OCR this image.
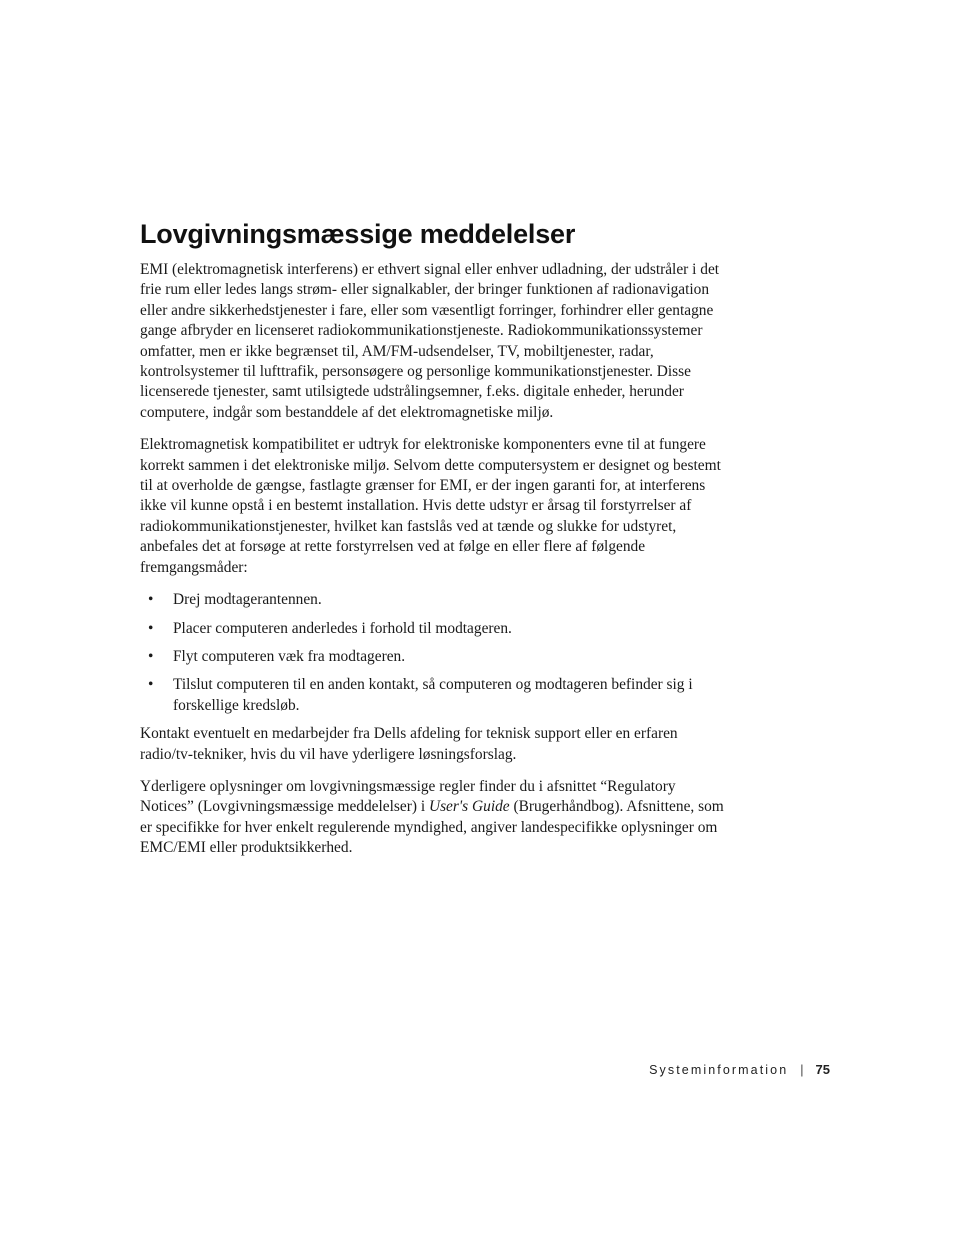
Lovgivningsmæssige meddelelser

EMI (elektromagnetisk interferens) er ethvert signal eller enhver udladning, der udstråler i det frie rum eller ledes langs strøm- eller signalkabler, der bringer funktionen af radionavigation eller andre sikkerhedstjenester i fare, eller som væsentligt forringer, forhindrer eller gentagne gange afbryder en licenseret radiokommunikationstjeneste. Radiokommunikationssystemer omfatter, men er ikke begrænset til, AM/FM-udsendelser, TV, mobiltjenester, radar, kontrolsystemer til lufttrafik, personsøgere og personlige kommunikationstjenester. Disse licenserede tjenester, samt utilsigtede udstrålingsemner, f.eks. digitale enheder, herunder computere, indgår som bestanddele af det elektromagnetiske miljø.

Elektromagnetisk kompatibilitet er udtryk for elektroniske komponenters evne til at fungere korrekt sammen i det elektroniske miljø. Selvom dette computersystem er designet og bestemt til at overholde de gængse, fastlagte grænser for EMI, er der ingen garanti for, at interferens ikke vil kunne opstå i en bestemt installation. Hvis dette udstyr er årsag til forstyrrelser af radiokommunikationstjenester, hvilket kan fastslås ved at tænde og slukke for udstyret, anbefales det at forsøge at rette forstyrrelsen ved at følge en eller flere af følgende fremgangsmåder:

• Drej modtagerantennen.
• Placer computeren anderledes i forhold til modtageren.
• Flyt computeren væk fra modtageren.
• Tilslut computeren til en anden kontakt, så computeren og modtageren befinder sig i forskellige kredsløb.

Kontakt eventuelt en medarbejder fra Dells afdeling for teknisk support eller en erfaren radio/tv-tekniker, hvis du vil have yderligere løsningsforslag.

Yderligere oplysninger om lovgivningsmæssige regler finder du i afsnittet “Regulatory Notices” (Lovgivningsmæssige meddelelser) i User's Guide (Brugerhåndbog). Afsnittene, som er specifikke for hver enkelt regulerende myndighed, angiver landespecifikke oplysninger om EMC/EMI eller produktsikkerhed.

Systeminformation | 75
